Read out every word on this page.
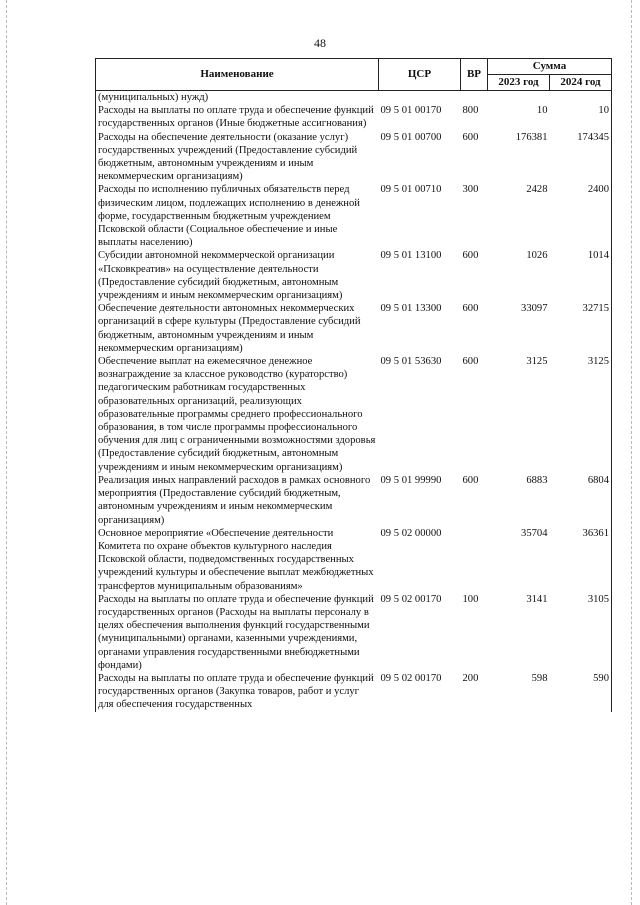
48
Наименование	ЦСР	ВР	Сумма	
			2023 год	2024 год
(муниципальных) нужд)				
Расходы на выплаты по оплате труда и обеспечение функций государственных органов (Иные бюджетные ассигнования)	09 5 01 00170	800	10	10
Расходы на обеспечение деятельности (оказание услуг) государственных учреждений (Предоставление субсидий бюджетным, автономным учреждениям и иным некоммерческим организациям)	09 5 01 00700	600	176381	174345
Расходы по исполнению публичных обязательств перед физическим лицом, подлежащих исполнению в денежной форме, государственным бюджетным учреждением Псковской области (Социальное обеспечение и иные выплаты населению)	09 5 01 00710	300	2428	2400
Субсидии автономной некоммерческой организации «Псковкреатив» на осуществление деятельности (Предоставление субсидий бюджетным, автономным учреждениям и иным некоммерческим организациям)	09 5 01 13100	600	1026	1014
Обеспечение деятельности автономных некоммерческих организаций в сфере культуры (Предоставление субсидий бюджетным, автономным учреждениям и иным некоммерческим организациям)	09 5 01 13300	600	33097	32715
Обеспечение выплат на ежемесячное денежное вознаграждение за классное руководство (кураторство) педагогическим работникам государственных образовательных организаций, реализующих образовательные программы среднего профессионального образования, в том числе программы профессионального обучения для лиц с ограниченными возможностями здоровья (Предоставление субсидий бюджетным, автономным учреждениям и иным некоммерческим организациям)	09 5 01 53630	600	3125	3125
Реализация иных направлений расходов в рамках основного мероприятия (Предоставление субсидий бюджетным, автономным учреждениям и иным некоммерческим организациям)	09 5 01 99990	600	6883	6804
Основное мероприятие «Обеспечение деятельности Комитета по охране объектов культурного наследия Псковской области, подведомственных государственных учреждений культуры и обеспечение выплат межбюджетных трансфертов муниципальным образованиям»	09 5 02 00000		35704	36361
Расходы на выплаты по оплате труда и обеспечение функций государственных органов (Расходы на выплаты персоналу в целях обеспечения выполнения функций государственными (муниципальными) органами, казенными учреждениями, органами управления государственными внебюджетными фондами)	09 5 02 00170	100	3141	3105
Расходы на выплаты по оплате труда и обеспечение функций государственных органов (Закупка товаров, работ и услуг для обеспечения государственных	09 5 02 00170	200	598	590
